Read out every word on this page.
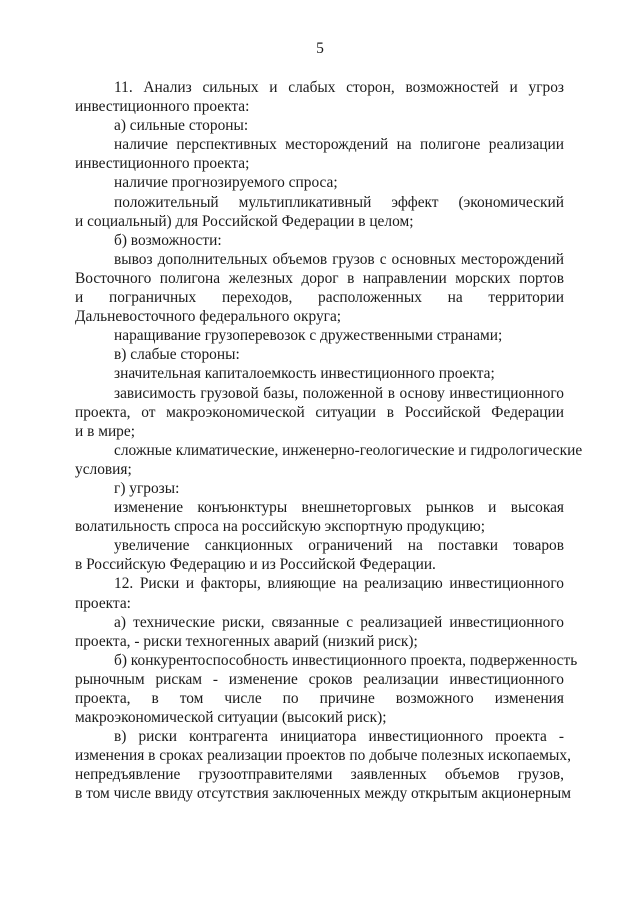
5
11. Анализ сильных и слабых сторон, возможностей и угроз
инвестиционного проекта:
а) сильные стороны:
наличие перспективных месторождений на полигоне реализации
инвестиционного проекта;
наличие прогнозируемого спроса;
положительный мультипликативный эффект (экономический
и социальный) для Российской Федерации в целом;
б) возможности:
вывоз дополнительных объемов грузов с основных месторождений
Восточного полигона железных дорог в направлении морских портов
и пограничных переходов, расположенных на территории
Дальневосточного федерального округа;
наращивание грузоперевозок с дружественными странами;
в) слабые стороны:
значительная капиталоемкость инвестиционного проекта;
зависимость грузовой базы, положенной в основу инвестиционного
проекта, от макроэкономической ситуации в Российской Федерации
и в мире;
сложные климатические, инженерно-геологические и гидрологические
условия;
г) угрозы:
изменение конъюнктуры внешнеторговых рынков и высокая
волатильность спроса на российскую экспортную продукцию;
увеличение санкционных ограничений на поставки товаров
в Российскую Федерацию и из Российской Федерации.
12. Риски и факторы, влияющие на реализацию инвестиционного
проекта:
а) технические риски, связанные с реализацией инвестиционного
проекта, - риски техногенных аварий (низкий риск);
б) конкурентоспособность инвестиционного проекта, подверженность
рыночным рискам - изменение сроков реализации инвестиционного
проекта, в том числе по причине возможного изменения
макроэкономической ситуации (высокий риск);
в) риски контрагента инициатора инвестиционного проекта -
изменения в сроках реализации проектов по добыче полезных ископаемых,
непредъявление грузоотправителями заявленных объемов грузов,
в том числе ввиду отсутствия заключенных между открытым акционерным
